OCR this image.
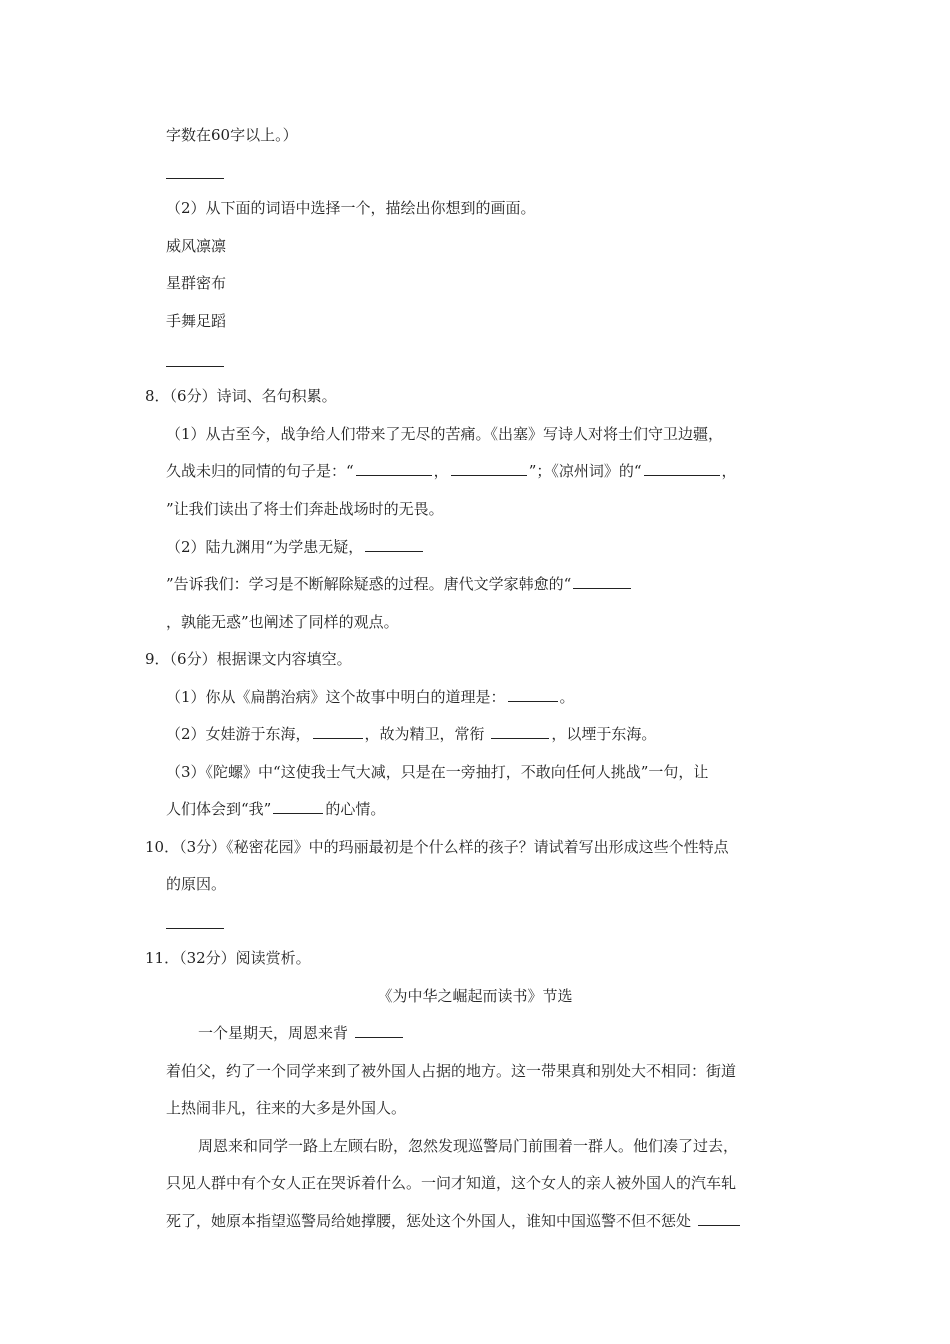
字数在60字以上。）
（2）从下面的词语中选择一个，描绘出你想到的画面。
威风凛凛
星群密布
手舞足蹈
8．（6分）诗词、名句积累。
（1）从古至今，战争给人们带来了无尽的苦痛。《出塞》写诗人对将士们守卫边疆，
久战未归的同情的句子是：“	，	”；《凉州词》的“	，
”让我们读出了将士们奔赴战场时的无畏。
（2）陆九渊用“为学患无疑，
”告诉我们：学习是不断解除疑惑的过程。唐代文学家韩愈的“
，孰能无惑”也阐述了同样的观点。
9．（6分）根据课文内容填空。
（1）你从《扁鹊治病》这个故事中明白的道理是：	。
（2）女娃游于东海，	，故为精卫，常衔	，以堙于东海。
（3）《陀螺》中“这使我士气大减，只是在一旁抽打，不敢向任何人挑战”一句，让
人们体会到“我”	的心情。
10．（3分）《秘密花园》中的玛丽最初是个什么样的孩子？请试着写出形成这些个性特点
的原因。
11．（32分）阅读赏析。
《为中华之崛起而读书》节选
一个星期天，周恩来背
着伯父，约了一个同学来到了被外国人占据的地方。这一带果真和别处大不相同：街道
上热闹非凡，往来的大多是外国人。
周恩来和同学一路上左顾右盼，忽然发现巡警局门前围着一群人。他们凑了过去，
只见人群中有个女人正在哭诉着什么。一问才知道，这个女人的亲人被外国人的汽车轧
死了，她原本指望巡警局给她撑腰，惩处这个外国人，谁知中国巡警不但不惩处
